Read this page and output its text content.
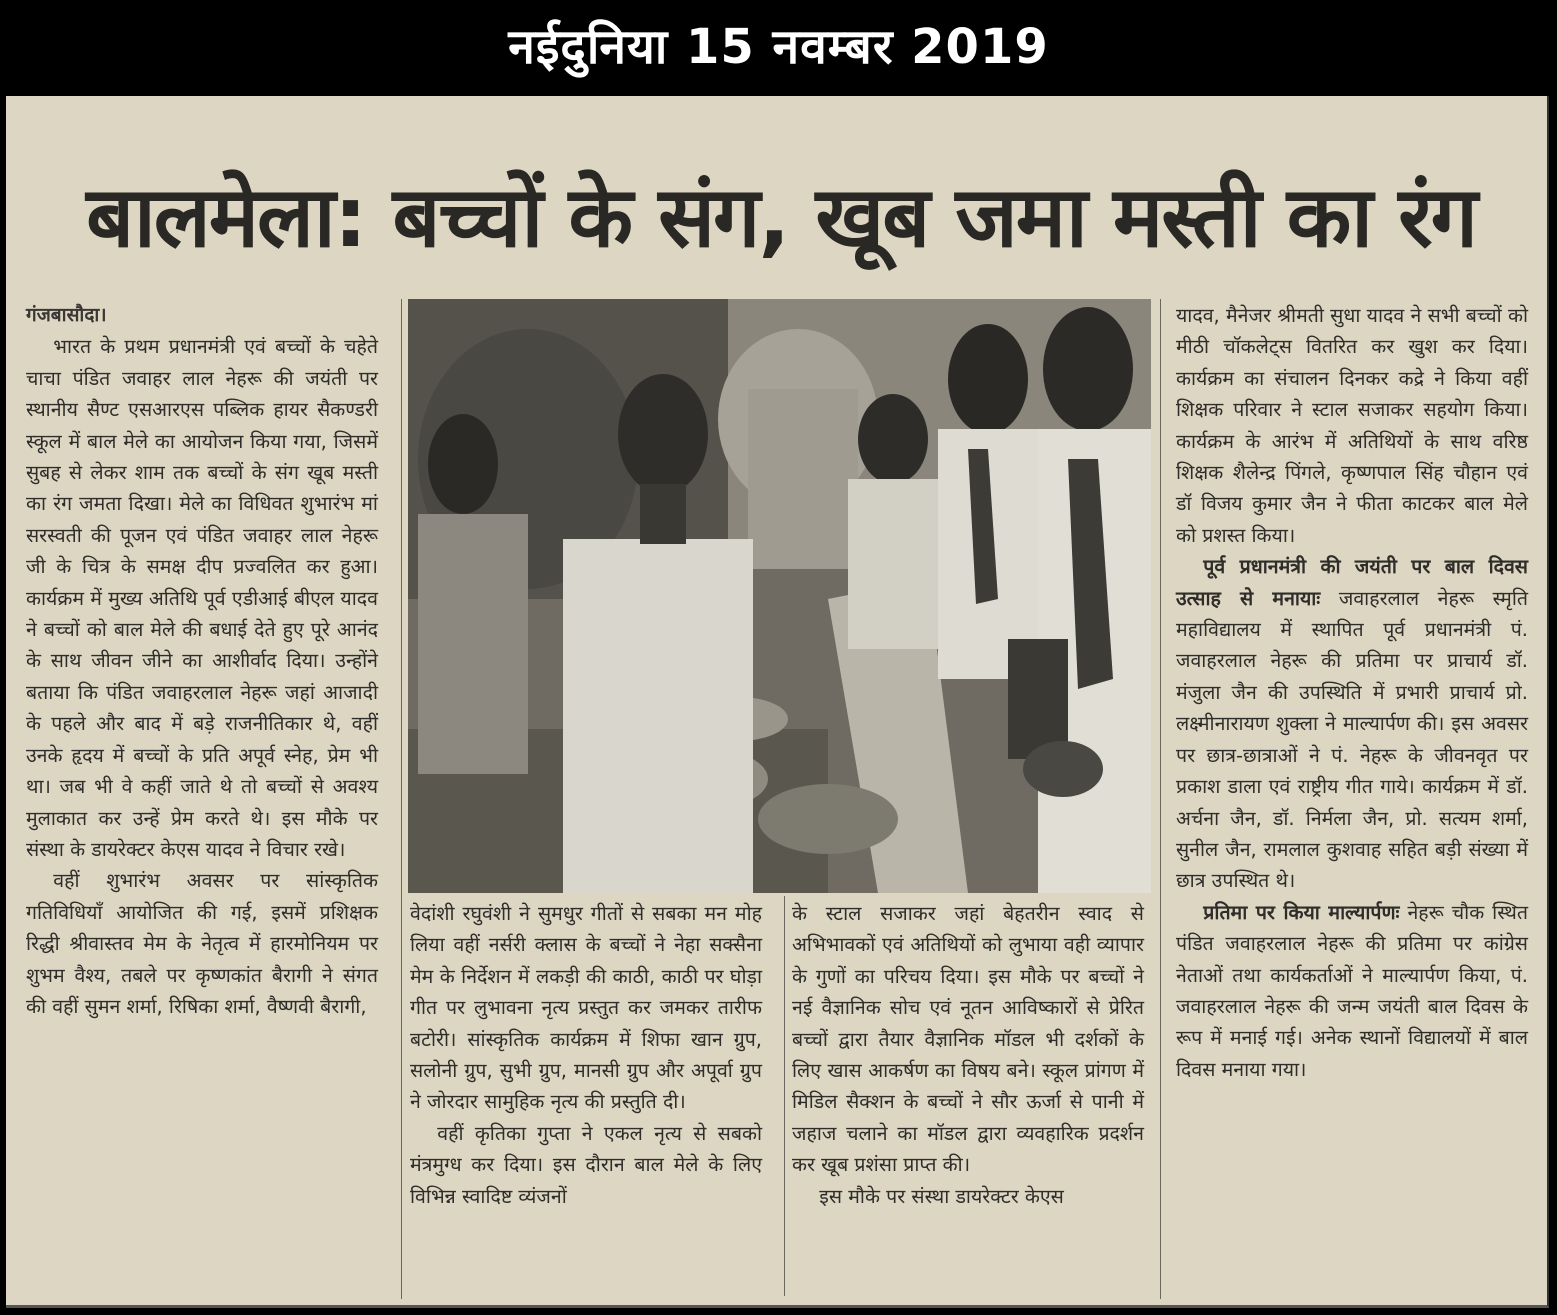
नईदुनिया 15 नवम्बर 2019
बालमेला: बच्चों के संग, खूब जमा मस्ती का रंग

गंजबासौदा।

भारत के प्रथम प्रधानमंत्री एवं बच्चों के चहेते चाचा पंडित जवाहर लाल नेहरू की जयंती पर स्थानीय सैण्ट एसआरएस पब्लिक हायर सैकण्डरी स्कूल में बाल मेले का आयोजन किया गया, जिसमें सुबह से लेकर शाम तक बच्चों के संग खूब मस्ती का रंग जमता दिखा। मेले का विधिवत शुभारंभ मां सरस्वती की पूजन एवं पंडित जवाहर लाल नेहरू जी के चित्र के समक्ष दीप प्रज्वलित कर हुआ। कार्यक्रम में मुख्य अतिथि पूर्व एडीआई बीएल यादव ने बच्चों को बाल मेले की बधाई देते हुए पूरे आनंद के साथ जीवन जीने का आशीर्वाद दिया। उन्होंने बताया कि पंडित जवाहरलाल नेहरू जहां आजादी के पहले और बाद में बड़े राजनीतिकार थे, वहीं उनके हृदय में बच्चों के प्रति अपूर्व स्नेह, प्रेम भी था। जब भी वे कहीं जाते थे तो बच्चों से अवश्य मुलाकात कर उन्हें प्रेम करते थे। इस मौके पर संस्था के डायरेक्टर केएस यादव ने विचार रखे।

वहीं शुभारंभ अवसर पर सांस्कृतिक गतिविधियाँ आयोजित की गई, इसमें प्रशिक्षक रिद्धी श्रीवास्तव मेम के नेतृत्व में हारमोनियम पर शुभम वैश्य, तबले पर कृष्णकांत बैरागी ने संगत की वहीं सुमन शर्मा, रिषिका शर्मा, वैष्णवी बैरागी,

वेदांशी रघुवंशी ने सुमधुर गीतों से सबका मन मोह लिया वहीं नर्सरी क्लास के बच्चों ने नेहा सक्सैना मेम के निर्देशन में लकड़ी की काठी, काठी पर घोड़ा गीत पर लुभावना नृत्य प्रस्तुत कर जमकर तारीफ बटोरी। सांस्कृतिक कार्यक्रम में शिफा खान ग्रुप, सलोनी ग्रुप, सुभी ग्रुप, मानसी ग्रुप और अपूर्वा ग्रुप ने जोरदार सामुहिक नृत्य की प्रस्तुति दी।

वहीं कृतिका गुप्ता ने एकल नृत्य से सबको मंत्रमुग्ध कर दिया। इस दौरान बाल मेले के लिए विभिन्न स्वादिष्ट व्यंजनों

के स्टाल सजाकर जहां बेहतरीन स्वाद से अभिभावकों एवं अतिथियों को लुभाया वही व्यापार के गुणों का परिचय दिया। इस मौके पर बच्चों ने नई वैज्ञानिक सोच एवं नूतन आविष्कारों से प्रेरित बच्चों द्वारा तैयार वैज्ञानिक मॉडल भी दर्शकों के लिए खास आकर्षण का विषय बने। स्कूल प्रांगण में मिडिल सैक्शन के बच्चों ने सौर ऊर्जा से पानी में जहाज चलाने का मॉडल द्वारा व्यवहारिक प्रदर्शन कर खूब प्रशंसा प्राप्त की।

इस मौके पर संस्था डायरेक्टर केएस

यादव, मैनेजर श्रीमती सुधा यादव ने सभी बच्चों को मीठी चॉकलेट्स वितरित कर खुश कर दिया। कार्यक्रम का संचालन दिनकर कद्रे ने किया वहीं शिक्षक परिवार ने स्टाल सजाकर सहयोग किया। कार्यक्रम के आरंभ में अतिथियों के साथ वरिष्ठ शिक्षक शैलेन्द्र पिंगले, कृष्णपाल सिंह चौहान एवं डॉ विजय कुमार जैन ने फीता काटकर बाल मेले को प्रशस्त किया।

पूर्व प्रधानमंत्री की जयंती पर बाल दिवस उत्साह से मनायाः जवाहरलाल नेहरू स्मृति महाविद्यालय में स्थापित पूर्व प्रधानमंत्री पं. जवाहरलाल नेहरू की प्रतिमा पर प्राचार्य डॉ. मंजुला जैन की उपस्थिति में प्रभारी प्राचार्य प्रो. लक्ष्मीनारायण शुक्ला ने माल्यार्पण की। इस अवसर पर छात्र-छात्राओं ने पं. नेहरू के जीवनवृत पर प्रकाश डाला एवं राष्ट्रीय गीत गाये। कार्यक्रम में डॉ. अर्चना जैन, डॉ. निर्मला जैन, प्रो. सत्यम शर्मा, सुनील जैन, रामलाल कुशवाह सहित बड़ी संख्या में छात्र उपस्थित थे।

प्रतिमा पर किया माल्यार्पणः नेहरू चौक स्थित पंडित जवाहरलाल नेहरू की प्रतिमा पर कांग्रेस नेताओं तथा कार्यकर्ताओं ने माल्यार्पण किया, पं. जवाहरलाल नेहरू की जन्म जयंती बाल दिवस के रूप में मनाई गई। अनेक स्थानों विद्यालयों में बाल दिवस मनाया गया।
